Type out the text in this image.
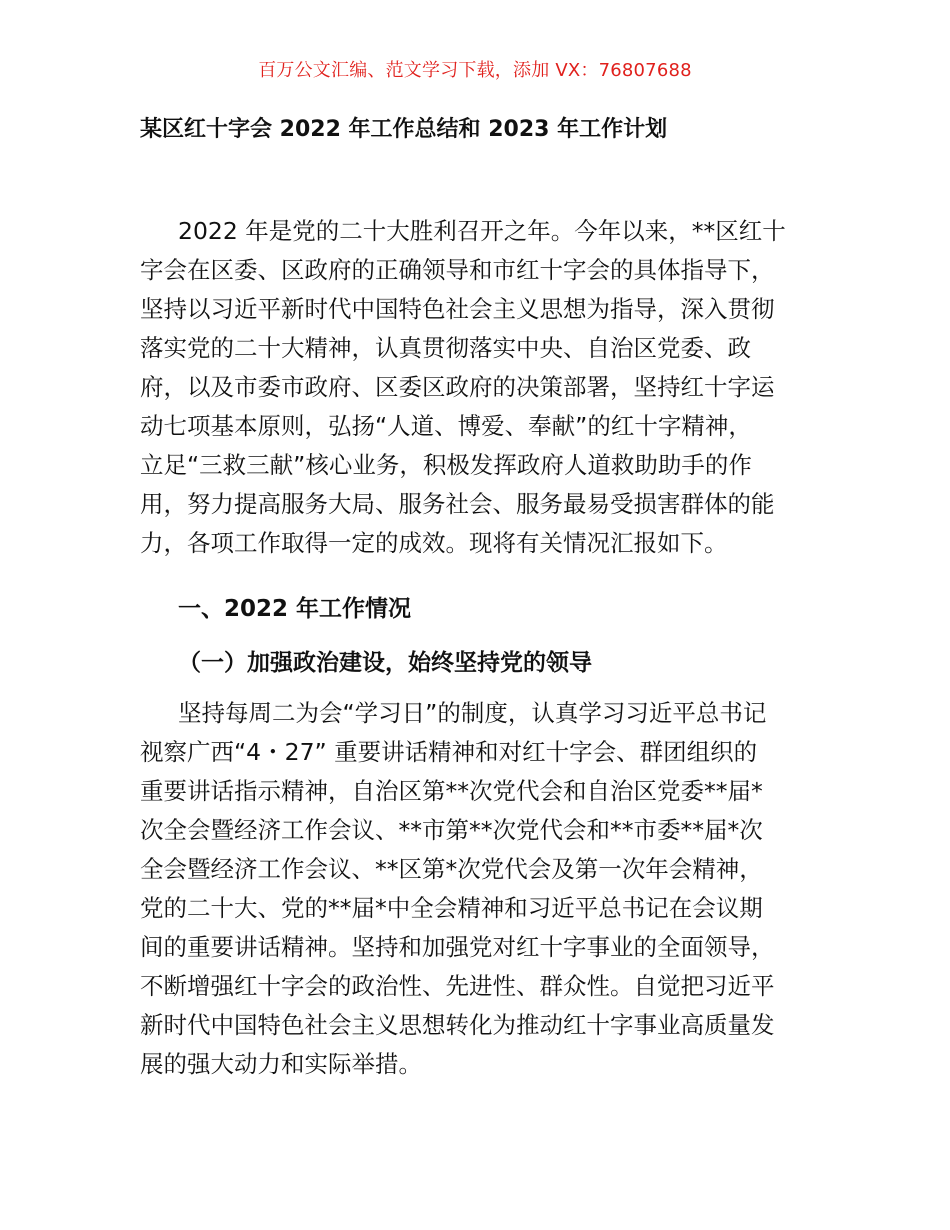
百万公文汇编、范文学习下载，添加 VX：76807688
某区红十字会 2022 年工作总结和 2023 年工作计划
2022 年是党的二十大胜利召开之年。今年以来，**区红十
字会在区委、区政府的正确领导和市红十字会的具体指导下，
坚持以习近平新时代中国特色社会主义思想为指导，深入贯彻
落实党的二十大精神，认真贯彻落实中央、自治区党委、政
府，以及市委市政府、区委区政府的决策部署，坚持红十字运
动七项基本原则，弘扬“人道、博爱、奉献”的红十字精神，
立足“三救三献”核心业务，积极发挥政府人道救助助手的作
用，努力提高服务大局、服务社会、服务最易受损害群体的能
力，各项工作取得一定的成效。现将有关情况汇报如下。
一、2022 年工作情况
（一）加强政治建设，始终坚持党的领导
坚持每周二为会“学习日”的制度，认真学习习近平总书记
视察广西“4・27” 重要讲话精神和对红十字会、群团组织的
重要讲话指示精神，自治区第**次党代会和自治区党委**届*
次全会暨经济工作会议、**市第**次党代会和**市委**届*次
全会暨经济工作会议、**区第*次党代会及第一次年会精神，
党的二十大、党的**届*中全会精神和习近平总书记在会议期
间的重要讲话精神。坚持和加强党对红十字事业的全面领导，
不断增强红十字会的政治性、先进性、群众性。自觉把习近平
新时代中国特色社会主义思想转化为推动红十字事业高质量发
展的强大动力和实际举措。
